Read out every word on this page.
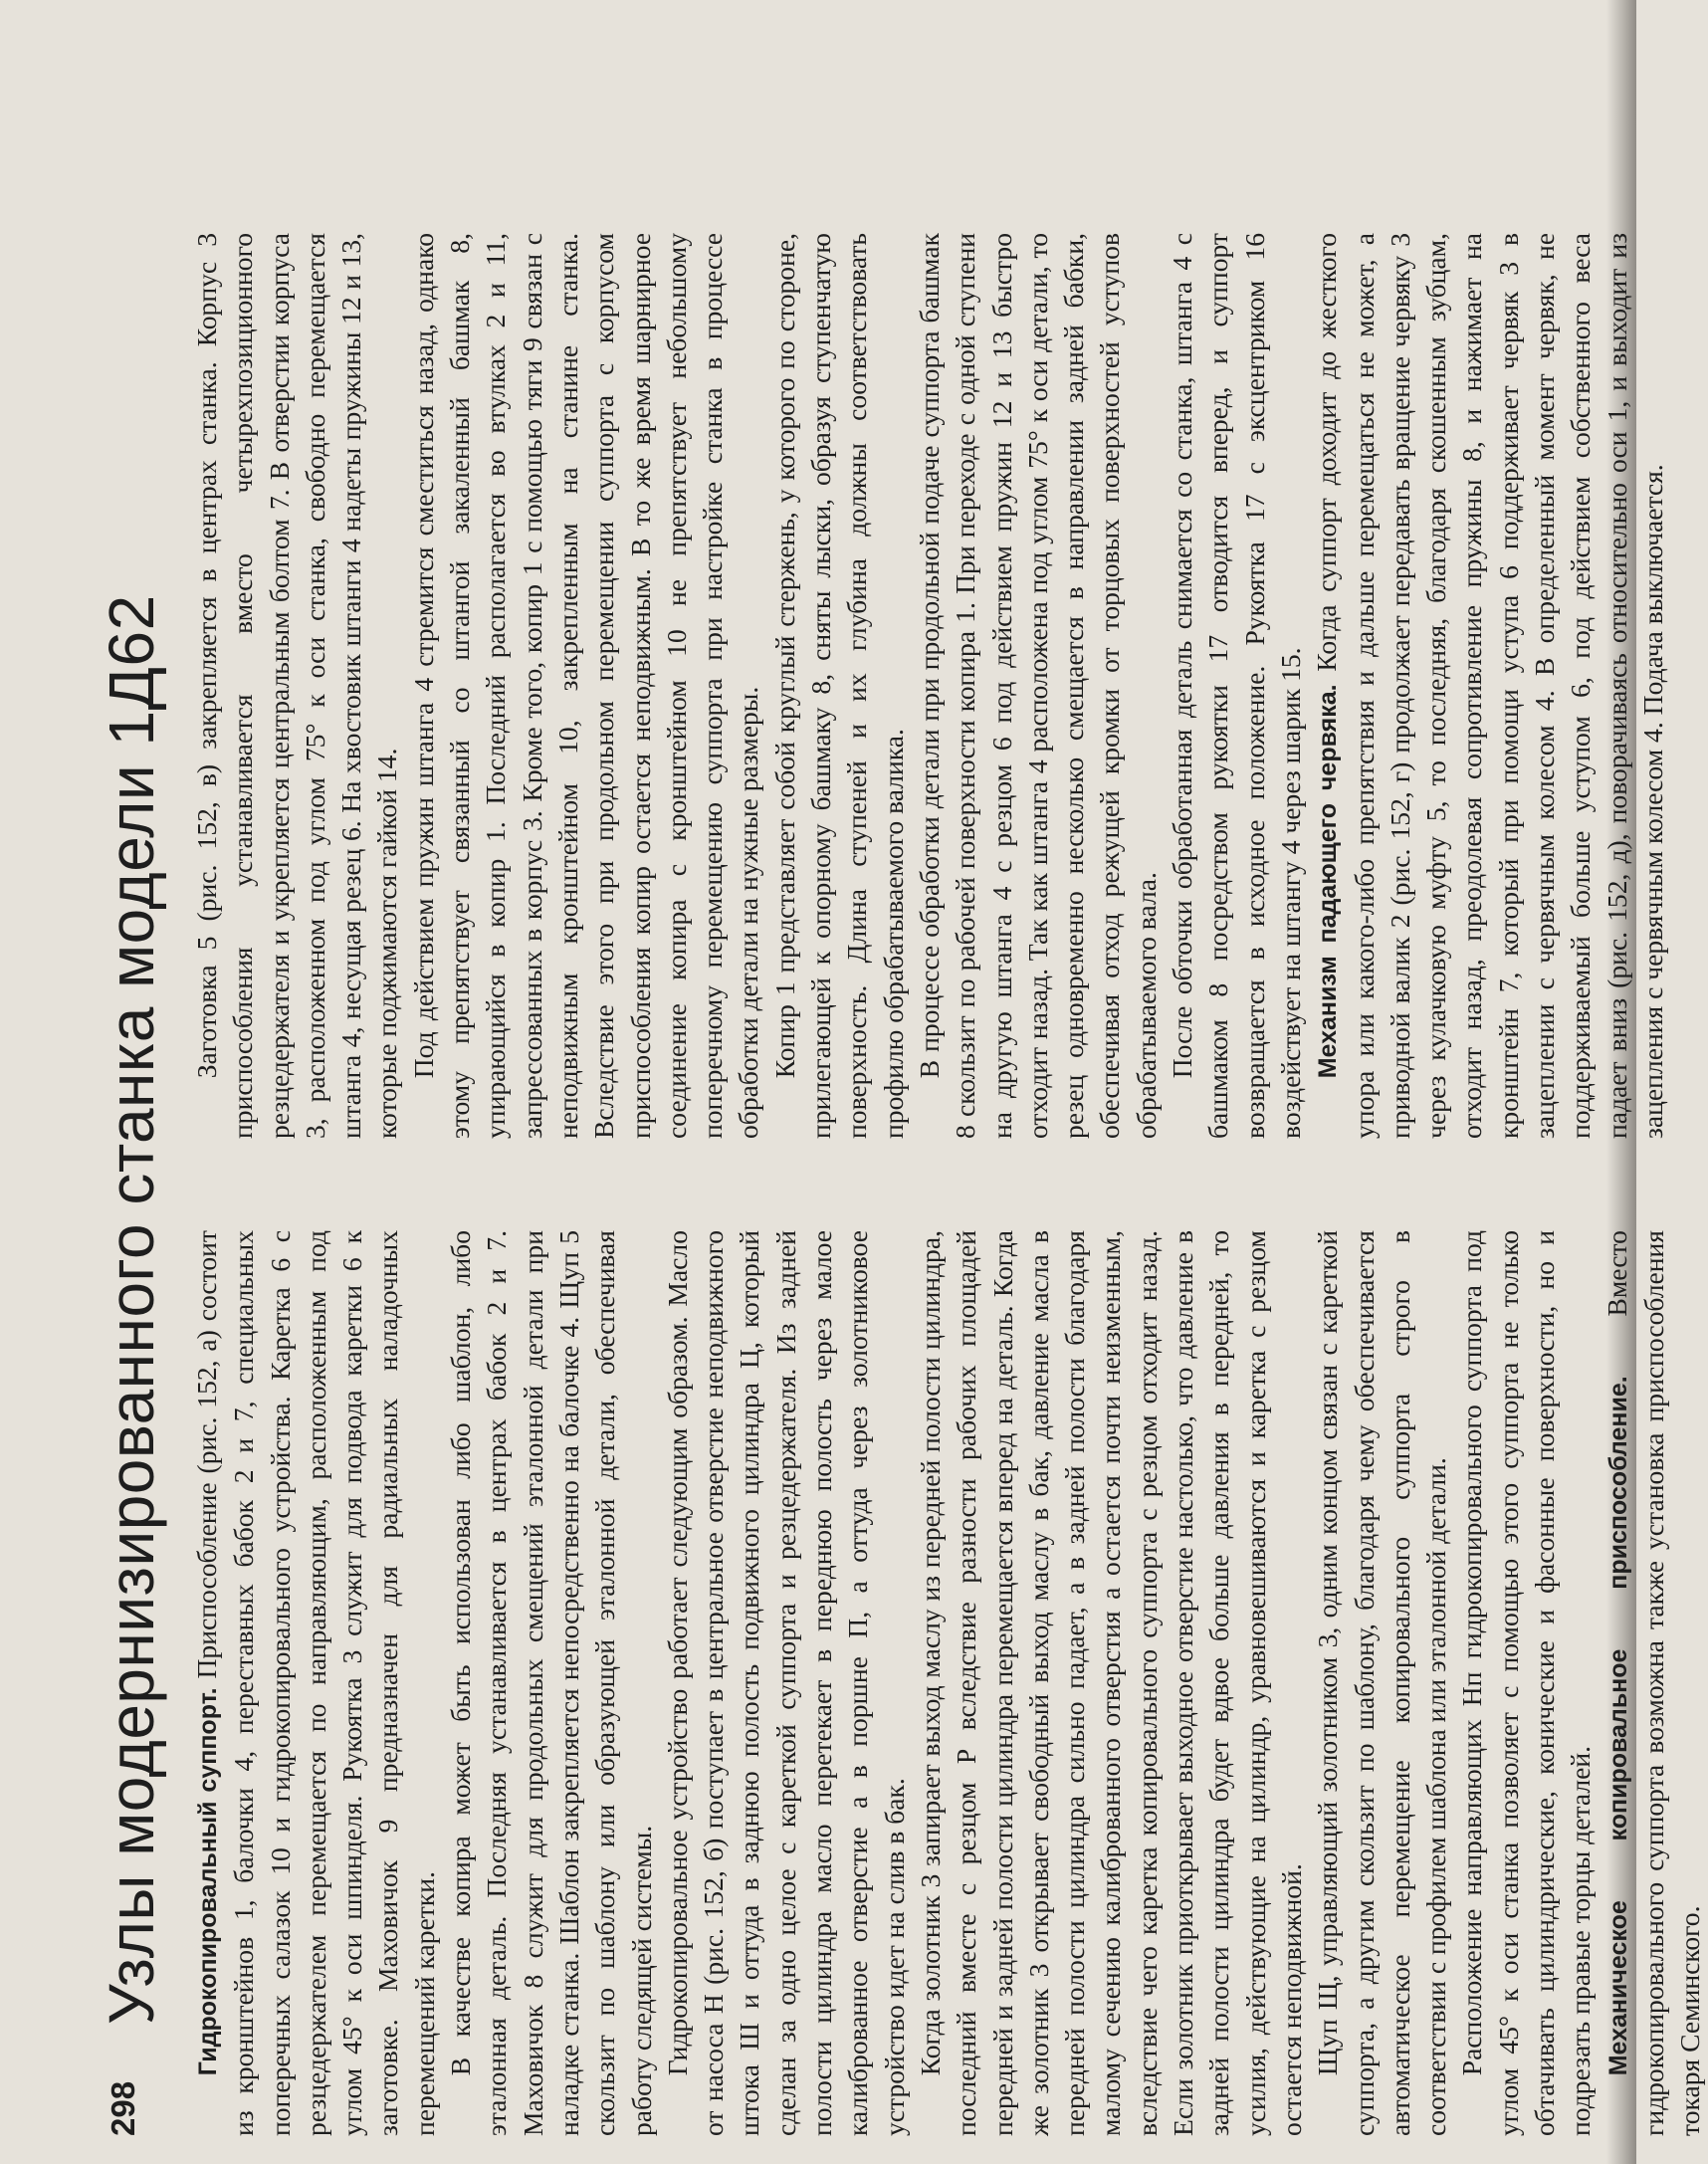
298
Узлы модернизированного станка модели 1Д62 Гидрокопировальный суппорт. Приспособление (рис. 152, а) состоит из кронштейнов 1, балочки 4, переставных бабок 2 и 7, специальных поперечных салазок 10 и гидрокопировального устройства. Каретка 6 с резцедержателем перемещается по направляющим, расположенным под углом 45° к оси шпинделя. Рукоятка 3 служит для подвода каретки 6 к заготовке. Маховичок 9 предназначен для радиальных наладочных перемещений каретки. В качестве копира может быть использован либо шаблон, либо эталонная деталь. Последняя устанавливается в центрах бабок 2 и 7. Маховичок 8 служит для продольных смещений эталонной детали при наладке станка. Шаблон закрепляется непосредственно на балочке 4. Щуп 5 скользит по шаблону или образующей эталонной детали, обеспечивая работу следящей системы. Гидрокопировальное устройство работает следующим образом. Масло от насоса Н (рис. 152, б) поступает в центральное отверстие неподвижного штока Ш и оттуда в заднюю полость подвижного цилиндра Ц, который сделан за одно целое с кареткой суппорта и резцедержателя. Из задней полости цилиндра масло перетекает в переднюю полость через малое калиброванное отверстие а в поршне П, а оттуда через золотниковое устройство идет на слив в бак. Когда золотник 3 запирает выход маслу из передней полости цилиндра, последний вместе с резцом Р вследствие разности рабочих площадей передней и задней полости цилиндра перемещается вперед на деталь. Когда же золотник 3 открывает свободный выход маслу в бак, давление масла в передней полости цилиндра сильно падает, а в задней полости благодаря малому сечению калиброванного отверстия а остается почти неизменным, вследствие чего каретка копировального суппорта с резцом отходит назад. Если золотник приоткрывает выходное отверстие настолько, что давление в задней полости цилиндра будет вдвое больше давления в передней, то усилия, действующие на цилиндр, уравновешиваются и каретка с резцом остается неподвижной. Щуп Щ, управляющий золотником 3, одним концом связан с кареткой суппорта, а другим скользит по шаблону, благодаря чему обеспечивается автоматическое перемещение копировального суппорта строго в соответствии с профилем шаблона или эталонной детали. Расположение направляющих Нп гидрокопировального суппорта под углом 45° к оси станка позволяет с помощью этого суппорта не только обтачивать цилиндрические, конические и фасонные поверхности, но и подрезать правые торцы деталей. Механическое копировальное приспособление. Вместо гидрокопировального суппорта возможна также установка приспособления токаря Семинского.

Заготовка 5 (рис. 152, в) закрепляется в центрах станка. Корпус 3 приспособления устанавливается вместо четырехпозиционного резцедержателя и укрепляется центральным болтом 7. В отверстии корпуса 3, расположенном под углом 75° к оси станка, свободно перемещается штанга 4, несущая резец 6. На хвостовик штанги 4 надеты пружины 12 и 13, которые поджимаются гайкой 14. Под действием пружин штанга 4 стремится сместиться назад, однако этому препятствует связанный со штангой закаленный башмак 8, упирающийся в копир 1. Последний располагается во втулках 2 и 11, запрессованных в корпус 3. Кроме того, копир 1 с помощью тяги 9 связан с неподвижным кронштейном 10, закрепленным на станине станка. Вследствие этого при продольном перемещении суппорта с корпусом приспособления копир остается неподвижным. В то же время шарнирное соединение копира с кронштейном 10 не препятствует небольшому поперечному перемещению суппорта при настройке станка в процессе обработки детали на нужные размеры. Копир 1 представляет собой круглый стержень, у которого по стороне, прилегающей к опорному башмаку 8, сняты лыски, образуя ступенчатую поверхность. Длина ступеней и их глубина должны соответствовать профилю обрабатываемого валика. В процессе обработки детали при продольной подаче суппорта башмак 8 скользит по рабочей поверхности копира 1. При переходе с одной ступени на другую штанга 4 с резцом 6 под действием пружин 12 и 13 быстро отходит назад. Так как штанга 4 расположена под углом 75° к оси детали, то резец одновременно несколько смещается в направлении задней бабки, обеспечивая отход режущей кромки от торцовых поверхностей уступов обрабатываемого вала. После обточки обработанная деталь снимается со станка, штанга 4 с башмаком 8 посредством рукоятки 17 отводится вперед, и суппорт возвращается в исходное положение. Рукоятка 17 с эксцентриком 16 воздействует на штангу 4 через шарик 15. Механизм падающего червяка. Когда суппорт доходит до жесткого упора или какого-либо препятствия и дальше перемещаться не может, а приводной валик 2 (рис. 152, г) продолжает передавать вращение червяку 3 через кулачковую муфту 5, то последняя, благодаря скошенным зубцам, отходит назад, преодолевая сопротивление пружины 8, и нажимает на кронштейн 7, который при помощи уступа 6 поддерживает червяк 3 в зацеплении с червячным колесом 4. В определенный момент червяк, не поддерживаемый больше уступом 6, под действием собственного веса падает вниз (рис. 152, д), поворачиваясь относительно оси 1, и выходит из зацепления с червячным колесом 4. Подача выключается.
